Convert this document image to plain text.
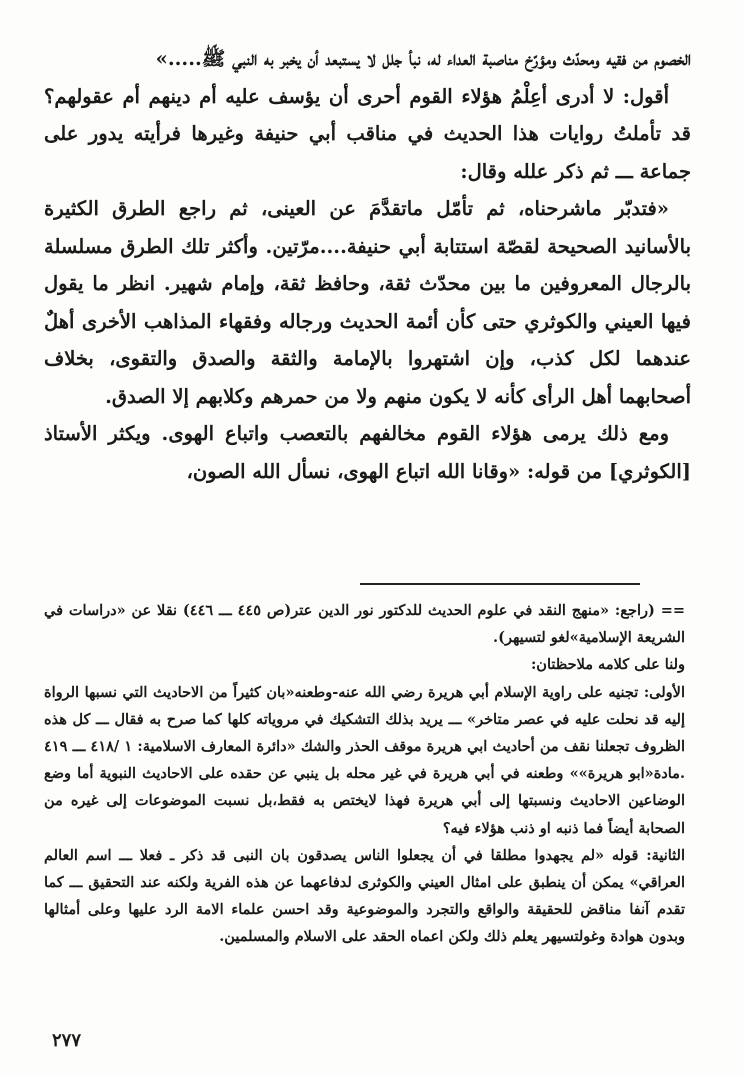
الخصوم من فقيه ومحدّث ومؤرّخ مناصبة العداء له، نبأ جلل لا يستبعد أن يخبر به النبي ﷺ.....»

أقول: لا أدرى أعِلْمُ هؤلاء القوم أحرى أن يؤسف عليه أم دينهم أم عقولهم؟ قد تأملتُ روايات هذا الحديث في مناقب أبي حنيفة وغيرها فرأيته يدور على جماعة ـــ ثم ذكر علله وقال:

«فتدبّر ماشرحناه، ثم تأمّل ماتقدَّمَ عن العينى، ثم راجع الطرق الكثيرة بالأسانيد الصحيحة لقصّة استتابة أبي حنيفة....مرّتين. وأكثر تلك الطرق مسلسلة بالرجال المعروفين ما بين محدّث ثقة، وحافظ ثقة، وإمام شهير. انظر ما يقول فيها العيني والكوثري حتى كأن أئمة الحديث ورجاله وفقهاء المذاهب الأخرى أهلٌ عندهما لكل كذب، وإن اشتهروا بالإمامة والثقة والصدق والتقوى، بخلاف أصحابهما أهل الرأى كأنه لا يكون منهم ولا من حمرهم وكلابهم إلا الصدق.

ومع ذلك يرمى هؤلاء القوم مخالفهم بالتعصب واتباع الهوى. ويكثر الأستاذ [الكوثري] من قوله: «وقانا الله اتباع الهوى، نسأل الله الصون،

== (راجع: «منهج النقد في علوم الحديث للدكتور نور الدين عتر(ص ٤٤٥ ـــ ٤٤٦) نقلا عن «دراسات في الشريعة الإسلامية»لغو لتسيهر).

ولنا على كلامه ملاحظتان:

الأولى: تجنيه على راوية الإسلام أبي هريرة رضي الله عنه-وطعنه«بان كثيراً من الاحاديث التي نسبها الرواة إليه قد نحلت عليه في عصر متاخر» ـــ يريد بذلك التشكيك في مروياته كلها كما صرح به فقال ـــ كل هذه الظروف تجعلنا نقف من أحاديث ابي هريرة موقف الحذر والشك «دائرة المعارف الاسلامية: ١ /٤١٨ ـــ ٤١٩ .مادة«ابو هريرة»» وطعنه في أبي هريرة في غير محله بل ينبي عن حقده على الاحاديث النبوية أما وضع الوضاعين الاحاديث ونسبتها إلى أبي هريرة فهذا لايختص به فقط،بل نسبت الموضوعات إلى غيره من الصحابة أيضاً فما ذنبه او ذنب هؤلاء فيه؟

الثانية: قوله «لم يجهدوا مطلقا في أن يجعلوا الناس يصدقون بان النبى قد ذكر ـ فعلا ـــ اسم العالم العراقي» يمكن أن ينطبق على امثال العيني والكوثرى لدفاعهما عن هذه الفرية ولكنه عند التحقيق ـــ كما تقدم آنفا مناقض للحقيقة والواقع والتجرد والموضوعية وقد احسن علماء الامة الرد عليها وعلى أمثالها وبدون هوادة وغولتسيهر يعلم ذلك ولكن اعماه الحقد على الاسلام والمسلمين.

٢٧٧
